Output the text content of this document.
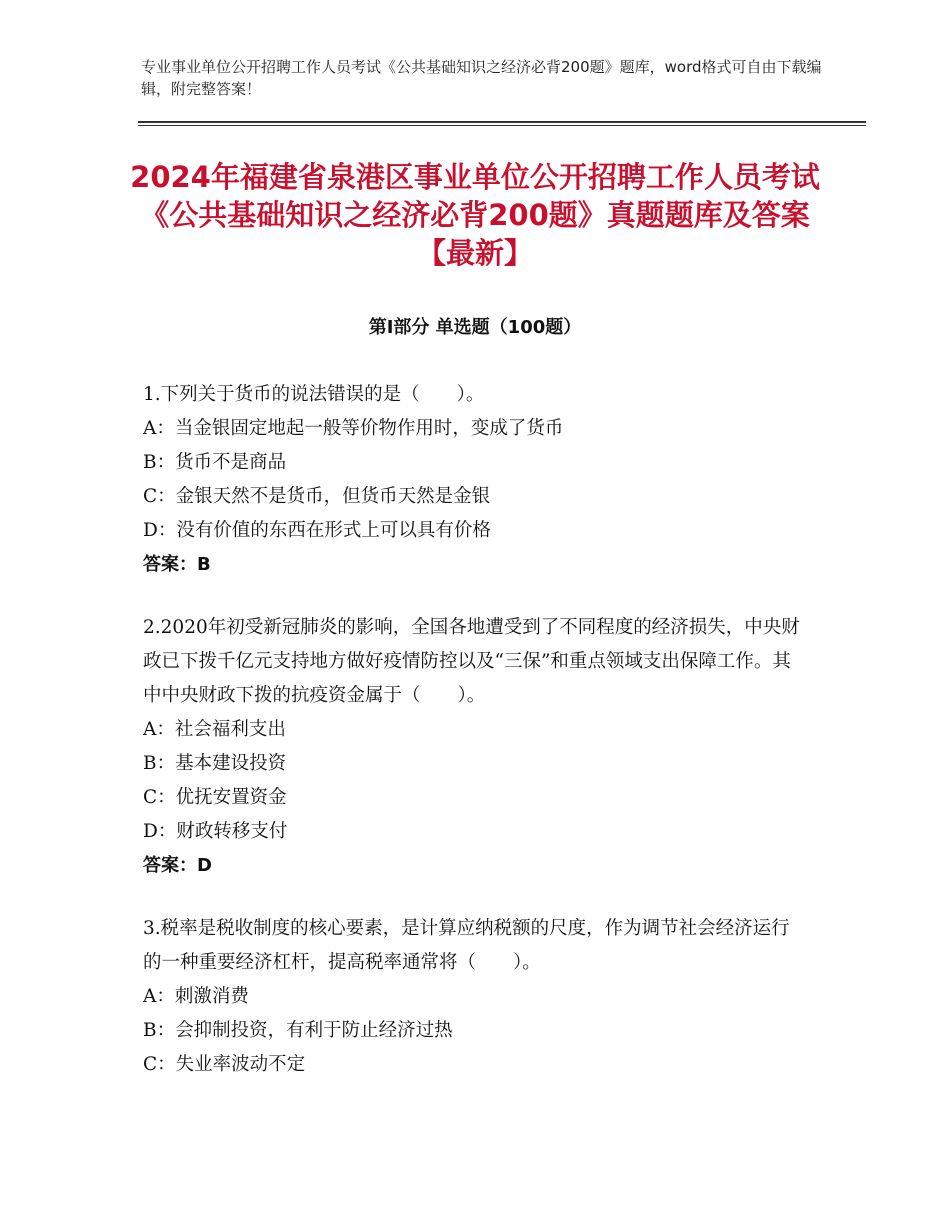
专业事业单位公开招聘工作人员考试《公共基础知识之经济必背200题》题库，word格式可自由下载编辑，附完整答案！
2024年福建省泉港区事业单位公开招聘工作人员考试《公共基础知识之经济必背200题》真题题库及答案【最新】
第Ⅰ部分 单选题（100题）
1.下列关于货币的说法错误的是（　　）。
A：当金银固定地起一般等价物作用时，变成了货币
B：货币不是商品
C：金银天然不是货币，但货币天然是金银
D：没有价值的东西在形式上可以具有价格
答案：B
2.2020年初受新冠肺炎的影响，全国各地遭受到了不同程度的经济损失，中央财政已下拨千亿元支持地方做好疫情防控以及“三保”和重点领域支出保障工作。其中中央财政下拨的抗疫资金属于（　　）。
A：社会福利支出
B：基本建设投资
C：优抚安置资金
D：财政转移支付
答案：D
3.税率是税收制度的核心要素，是计算应纳税额的尺度，作为调节社会经济运行的一种重要经济杠杆，提高税率通常将（　　）。
A：刺激消费
B：会抑制投资，有利于防止经济过热
C：失业率波动不定
